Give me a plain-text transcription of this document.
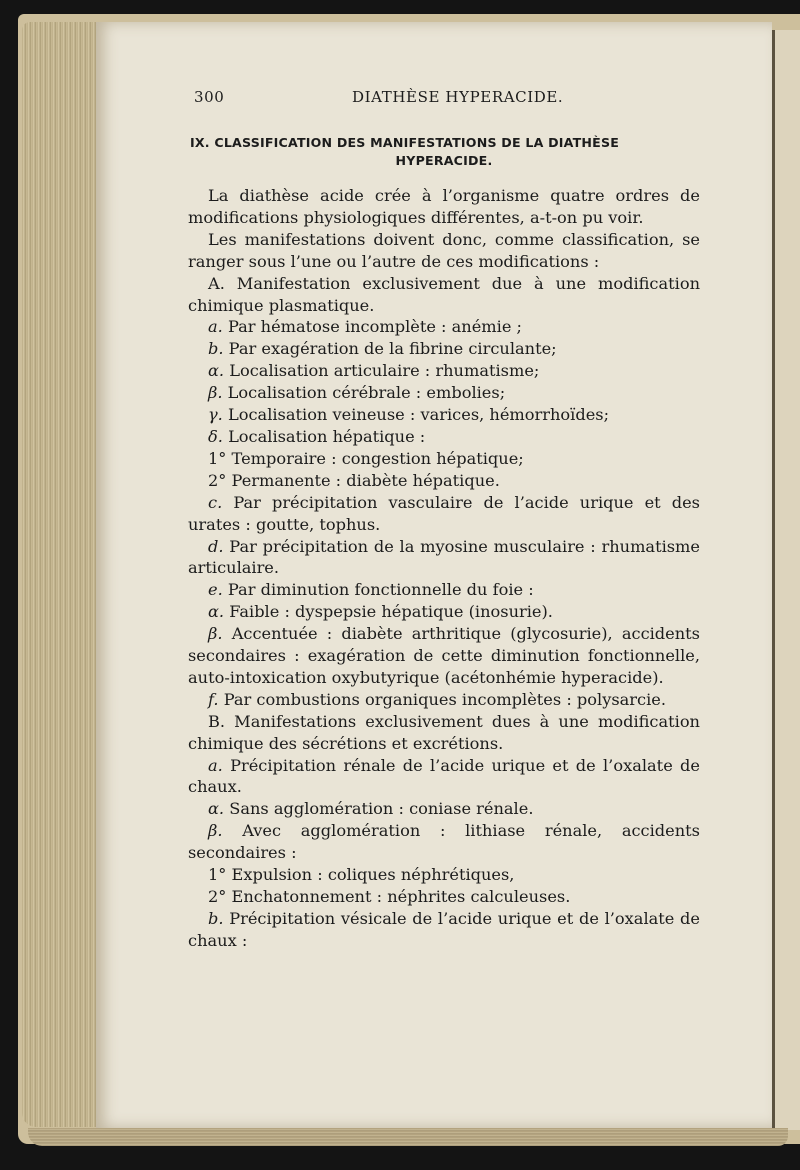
300	DIATHÈSE HYPERACIDE.
IX. CLASSIFICATION DES MANIFESTATIONS DE LA DIATHÈSE
HYPERACIDE.

La diathèse acide crée à l’organisme quatre ordres de modifications physiologiques différentes, a-t-on pu voir.

Les manifestations doivent donc, comme classification, se ranger sous l’une ou l’autre de ces modifications :

A. Manifestation exclusivement due à une modification chimique plasmatique.

a. Par hématose incomplète : anémie ;

b. Par exagération de la fibrine circulante;

α. Localisation articulaire : rhumatisme;

β. Localisation cérébrale : embolies;

γ. Localisation veineuse : varices, hémorrhoïdes;

δ. Localisation hépatique :

1° Temporaire : congestion hépatique;

2° Permanente : diabète hépatique.

c. Par précipitation vasculaire de l’acide urique et des urates : goutte, tophus.

d. Par précipitation de la myosine musculaire : rhumatisme articulaire.

e. Par diminution fonctionnelle du foie :

α. Faible : dyspepsie hépatique (inosurie).

β. Accentuée : diabète arthritique (glycosurie), accidents secondaires : exagération de cette diminution fonctionnelle, auto-intoxication oxybutyrique (acétonhémie hyperacide).

f. Par combustions organiques incomplètes : polysarcie.

B. Manifestations exclusivement dues à une modification chimique des sécrétions et excrétions.

a. Précipitation rénale de l’acide urique et de l’oxalate de chaux.

α. Sans agglomération : coniase rénale.

β. Avec agglomération : lithiase rénale, accidents secondaires :

1° Expulsion : coliques néphrétiques,

2° Enchatonnement : néphrites calculeuses.

b. Précipitation vésicale de l’acide urique et de l’oxalate de chaux :
